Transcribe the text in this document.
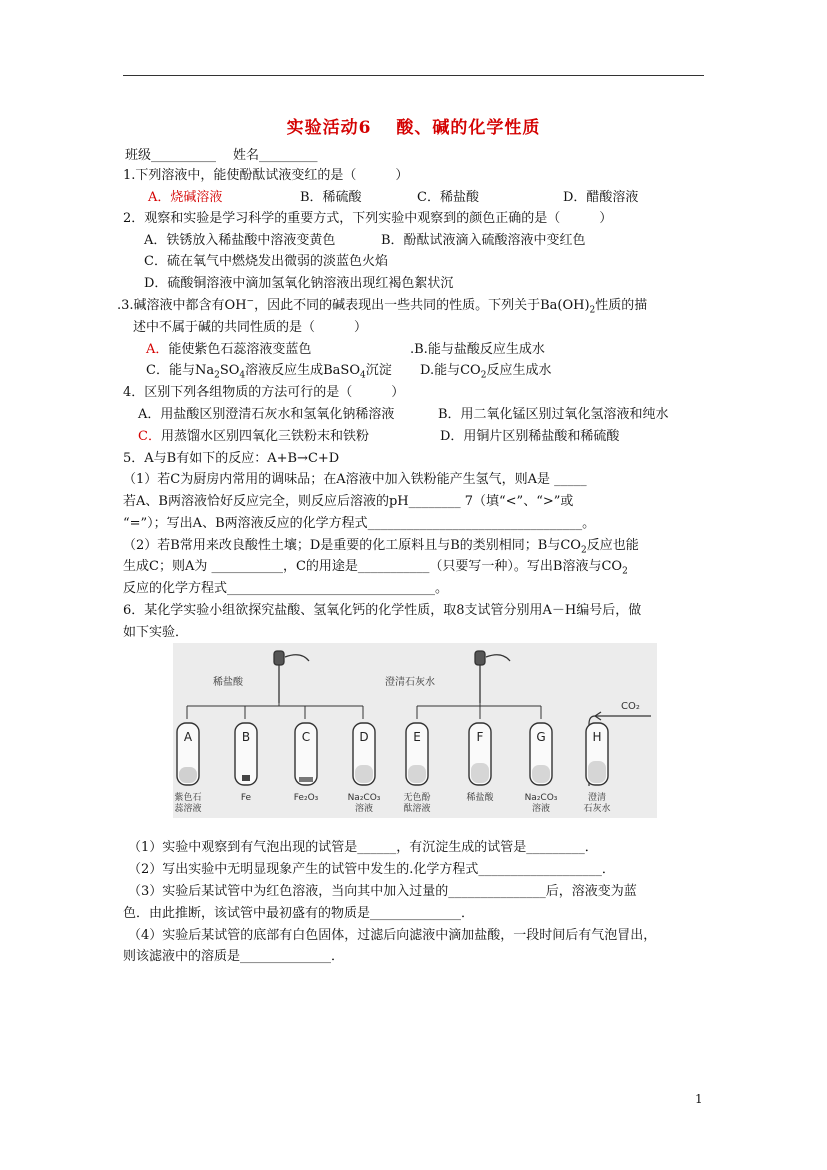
实验活动6　 酸、碱的化学性质
班级__________ 姓名_________
1.下列溶液中，能使酚酞试液变红的是（　　　）
A．烧碱溶液	B．稀硫酸	C．稀盐酸	D．醋酸溶液
2．观察和实验是学习科学的重要方式，下列实验中观察到的颜色正确的是（　　　）
A．铁锈放入稀盐酸中溶液变黄色	B．酚酞试液滴入硫酸溶液中变红色
C．硫在氧气中燃烧发出微弱的淡蓝色火焰
D．硫酸铜溶液中滴加氢氧化钠溶液出现红褐色絮状沉
.3.碱溶液中都含有OH−，因此不同的碱表现出一些共同的性质。下列关于$Ba(OH)_2$性质的描
述中不属于碱的共同性质的是（　　　）
A．能使紫色石蕊溶液变蓝色	.B.能与盐酸反应生成水
C．能与$Na_2SO_4$溶液反应生成BaSO$_4$沉淀 D.能与$CO_2$反应生成水
4．区别下列各组物质的方法可行的是（　　　）
A．用盐酸区别澄清石灰水和氢氧化钠稀溶液	B．用二氧化锰区别过氧化氢溶液和纯水
C．用蒸馏水区别四氧化三铁粉末和铁粉	D．用铜片区别稀盐酸和稀硫酸
5．A与B有如下的反应：A+B→C+D
（1）若C为厨房内常用的调味品；在A溶液中加入铁粉能产生氢气，则A是 _____
若A、B两溶液恰好反应完全，则反应后溶液的pH________ 7（填“<”、“>”或
“=”）；写出A、B两溶液反应的化学方程式_________________________________。
（2）若B常用来改良酸性土壤；D是重要的化工原料且与B的类别相同；B与$CO_2$反应也能
生成C；则A为 ___________，C的用途是___________（只要写一种）。写出B溶液与$CO_2$
反应的化学方程式________________________________。
6．某化学实验小组欲探究盐酸、氢氧化钙的化学性质，取8支试管分别用A－H编号后，做
如下实验．
稀盐酸	澄清石灰水
CO₂
A
紫色石
蕊溶液
B
Fe
C
Fe₂O₃
D
Na₂CO₃
溶液
E
无色酚
酞溶液
F
稀盐酸
G
Na₂CO₃
溶液
H
澄清
石灰水
（1）实验中观察到有气泡出现的试管是______，有沉淀生成的试管是_________．
（2）写出实验中无明显现象产生的试管中发生的.化学方程式___________________．
（3）实验后某试管中为红色溶液，当向其中加入过量的_______________后，溶液变为蓝
色．由此推断，该试管中最初盛有的物质是______________．
（4）实验后某试管的底部有白色固体，过滤后向滤液中滴加盐酸，一段时间后有气泡冒出，
则该滤液中的溶质是______________．
1
